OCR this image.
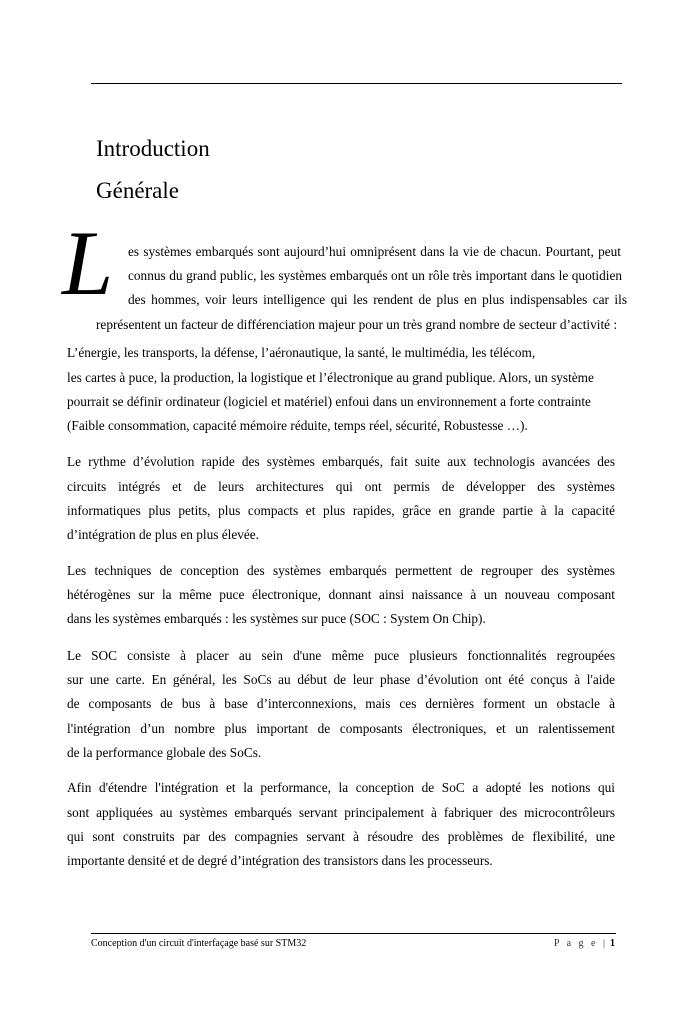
Introduction
Générale
L es systèmes embarqués sont aujourd’hui omniprésent dans la vie de chacun. Pourtant, peut
connus du grand public, les systèmes embarqués ont un rôle très important dans le quotidien
des hommes, voir leurs intelligence qui les rendent de plus en plus indispensables car ils
représentent un facteur de différenciation majeur pour un très grand nombre de secteur d’activité :
L’énergie, les transports, la défense, l’aéronautique, la santé, le multimédia, les télécom,
les cartes à puce, la production, la logistique et l’électronique au grand publique. Alors, un système
pourrait se définir ordinateur (logiciel et matériel) enfoui dans un environnement a forte contrainte
(Faible consommation, capacité mémoire réduite, temps réel, sécurité, Robustesse …).
Le rythme d’évolution rapide des systèmes embarqués, fait suite aux technologis avancées des
circuits intégrés et de leurs architectures qui ont permis de développer des systèmes
informatiques plus petits, plus compacts et plus rapides, grâce en grande partie à la capacité
d’intégration de plus en plus élevée.
Les techniques de conception des systèmes embarqués permettent de regrouper des systèmes
hétérogènes sur la même puce électronique, donnant ainsi naissance à un nouveau composant
dans les systèmes embarqués : les systèmes sur puce (SOC : System On Chip).
Le SOC consiste à placer au sein d'une même puce plusieurs fonctionnalités regroupées
sur une carte. En général, les SoCs au début de leur phase d’évolution ont été conçus à l'aide
de composants de bus à base d’interconnexions, mais ces dernières forment un obstacle à
l'intégration d’un nombre plus important de composants électroniques, et un ralentissement
de la performance globale des SoCs.
Afin d'étendre l'intégration et la performance, la conception de SoC a adopté les notions qui
sont appliquées au systèmes embarqués servant principalement à fabriquer des microcontrôleurs
qui sont construits par des compagnies servant à résoudre des problèmes de flexibilité, une
importante densité et de degré d’intégration des transistors dans les processeurs.
Conception d'un circuit d'interfaçage basé sur STM32	P a g e | 1
